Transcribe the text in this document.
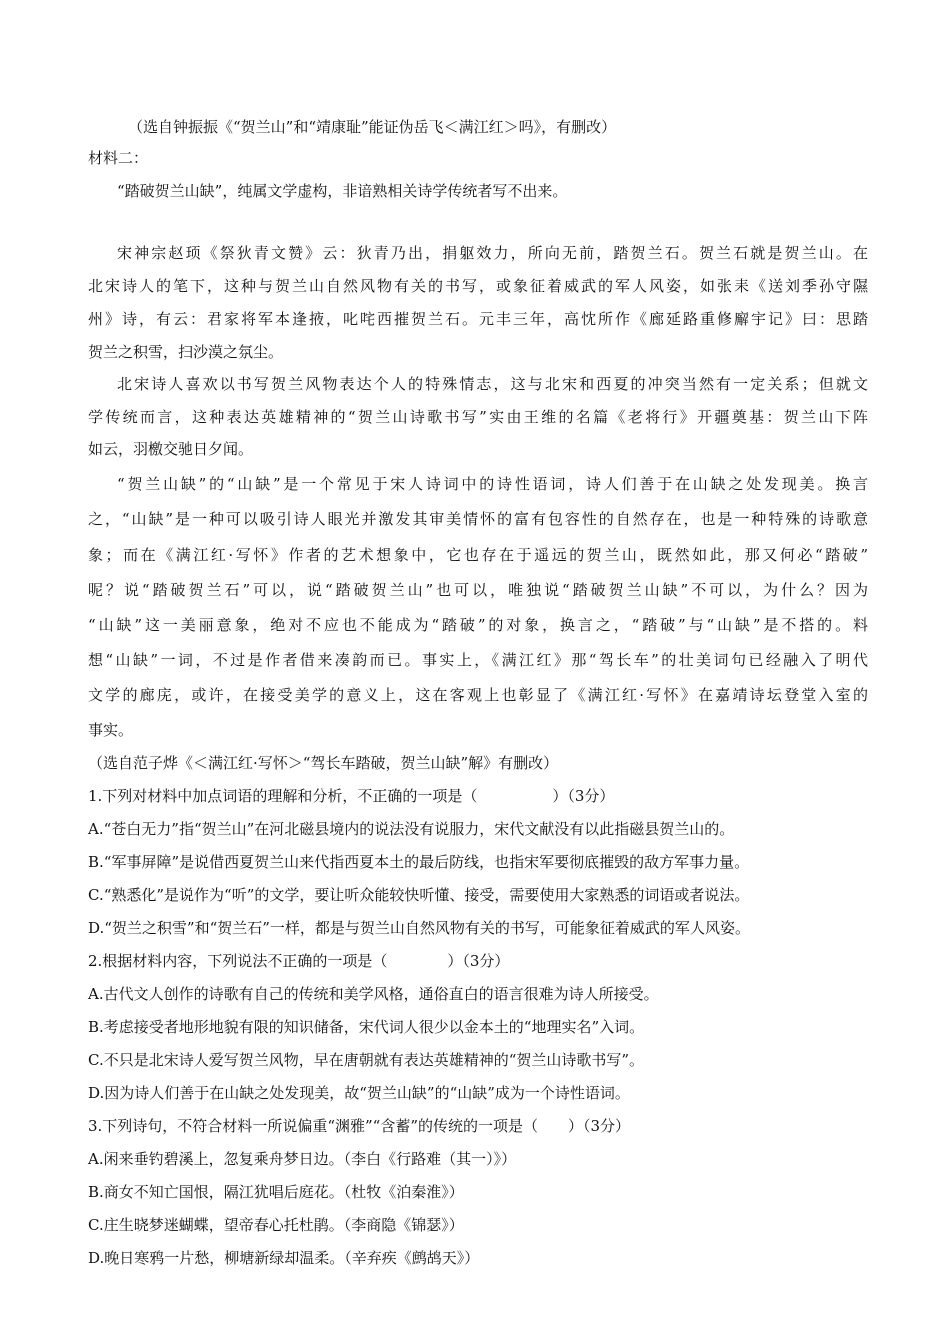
（选自钟振振《“贺兰山”和“靖康耻”能证伪岳飞＜满江红＞吗》，有删改）
材料二：
“踏破贺兰山缺”，纯属文学虚构，非谙熟相关诗学传统者写不出来。
宋神宗赵顼《祭狄青文赞》云：狄青乃出，捐躯效力，所向无前，踏贺兰石。贺兰石就是贺兰山。在
北宋诗人的笔下，这种与贺兰山自然风物有关的书写，或象征着威武的军人风姿，如张耒《送刘季孙守隰
州》诗，有云：君家将军本逢掖，叱咤西摧贺兰石。元丰三年，高忱所作《廊延路重修廨宇记》曰：思踏
贺兰之积雪，扫沙漠之氛尘。
北宋诗人喜欢以书写贺兰风物表达个人的特殊情志，这与北宋和西夏的冲突当然有一定关系；但就文
学传统而言，这种表达英雄精神的“贺兰山诗歌书写”实由王维的名篇《老将行》开疆奠基：贺兰山下阵
如云，羽檄交驰日夕闻。
“贺兰山缺”的“山缺”是一个常见于宋人诗词中的诗性语词，诗人们善于在山缺之处发现美。换言
之，“山缺”是一种可以吸引诗人眼光并激发其审美情怀的富有包容性的自然存在，也是一种特殊的诗歌意
象；而在《满江红·写怀》作者的艺术想象中，它也存在于遥远的贺兰山，既然如此，那又何必“踏破”
呢？说“踏破贺兰石”可以，说“踏破贺兰山”也可以，唯独说“踏破贺兰山缺”不可以，为什么？因为
“山缺”这一美丽意象，绝对不应也不能成为“踏破”的对象，换言之，“踏破”与“山缺”是不搭的。料
想“山缺”一词，不过是作者借来凑韵而已。事实上，《满江红》那“驾长车”的壮美词句已经融入了明代
文学的廊庑，或许，在接受美学的意义上，这在客观上也彰显了《满江红·写怀》在嘉靖诗坛登堂入室的
事实。
（选自范子烨《＜满江红·写怀＞“驾长车踏破，贺兰山缺”解》有删改）
1.下列对材料中加点词语的理解和分析，不正确的一项是（　　　　　）（3分）
A.“苍白无力”指“贺兰山”在河北磁县境内的说法没有说服力，宋代文献没有以此指磁县贺兰山的。
B.“军事屏障”是说借西夏贺兰山来代指西夏本土的最后防线，也指宋军要彻底摧毁的敌方军事力量。
C.“熟悉化”是说作为“听”的文学，要让听众能较快听懂、接受，需要使用大家熟悉的词语或者说法。
D.“贺兰之积雪”和“贺兰石”一样，都是与贺兰山自然风物有关的书写，可能象征着威武的军人风姿。
2.根据材料内容，下列说法不正确的一项是（　　　　）（3分）
A.古代文人创作的诗歌有自己的传统和美学风格，通俗直白的语言很难为诗人所接受。
B.考虑接受者地形地貌有限的知识储备，宋代词人很少以金本土的“地理实名”入词。
C.不只是北宋诗人爱写贺兰风物，早在唐朝就有表达英雄精神的“贺兰山诗歌书写”。
D.因为诗人们善于在山缺之处发现美，故“贺兰山缺”的“山缺”成为一个诗性语词。
3.下列诗句，不符合材料一所说偏重“渊雅”“含蓄”的传统的一项是（　　）（3分）
A.闲来垂钓碧溪上，忽复乘舟梦日边。（李白《行路难（其一）》）
B.商女不知亡国恨，隔江犹唱后庭花。（杜牧《泊秦淮》）
C.庄生晓梦迷蝴蝶，望帝春心托杜鹃。（李商隐《锦瑟》）
D.晚日寒鸦一片愁，柳塘新绿却温柔。（辛弃疾《鹧鸪天》）
